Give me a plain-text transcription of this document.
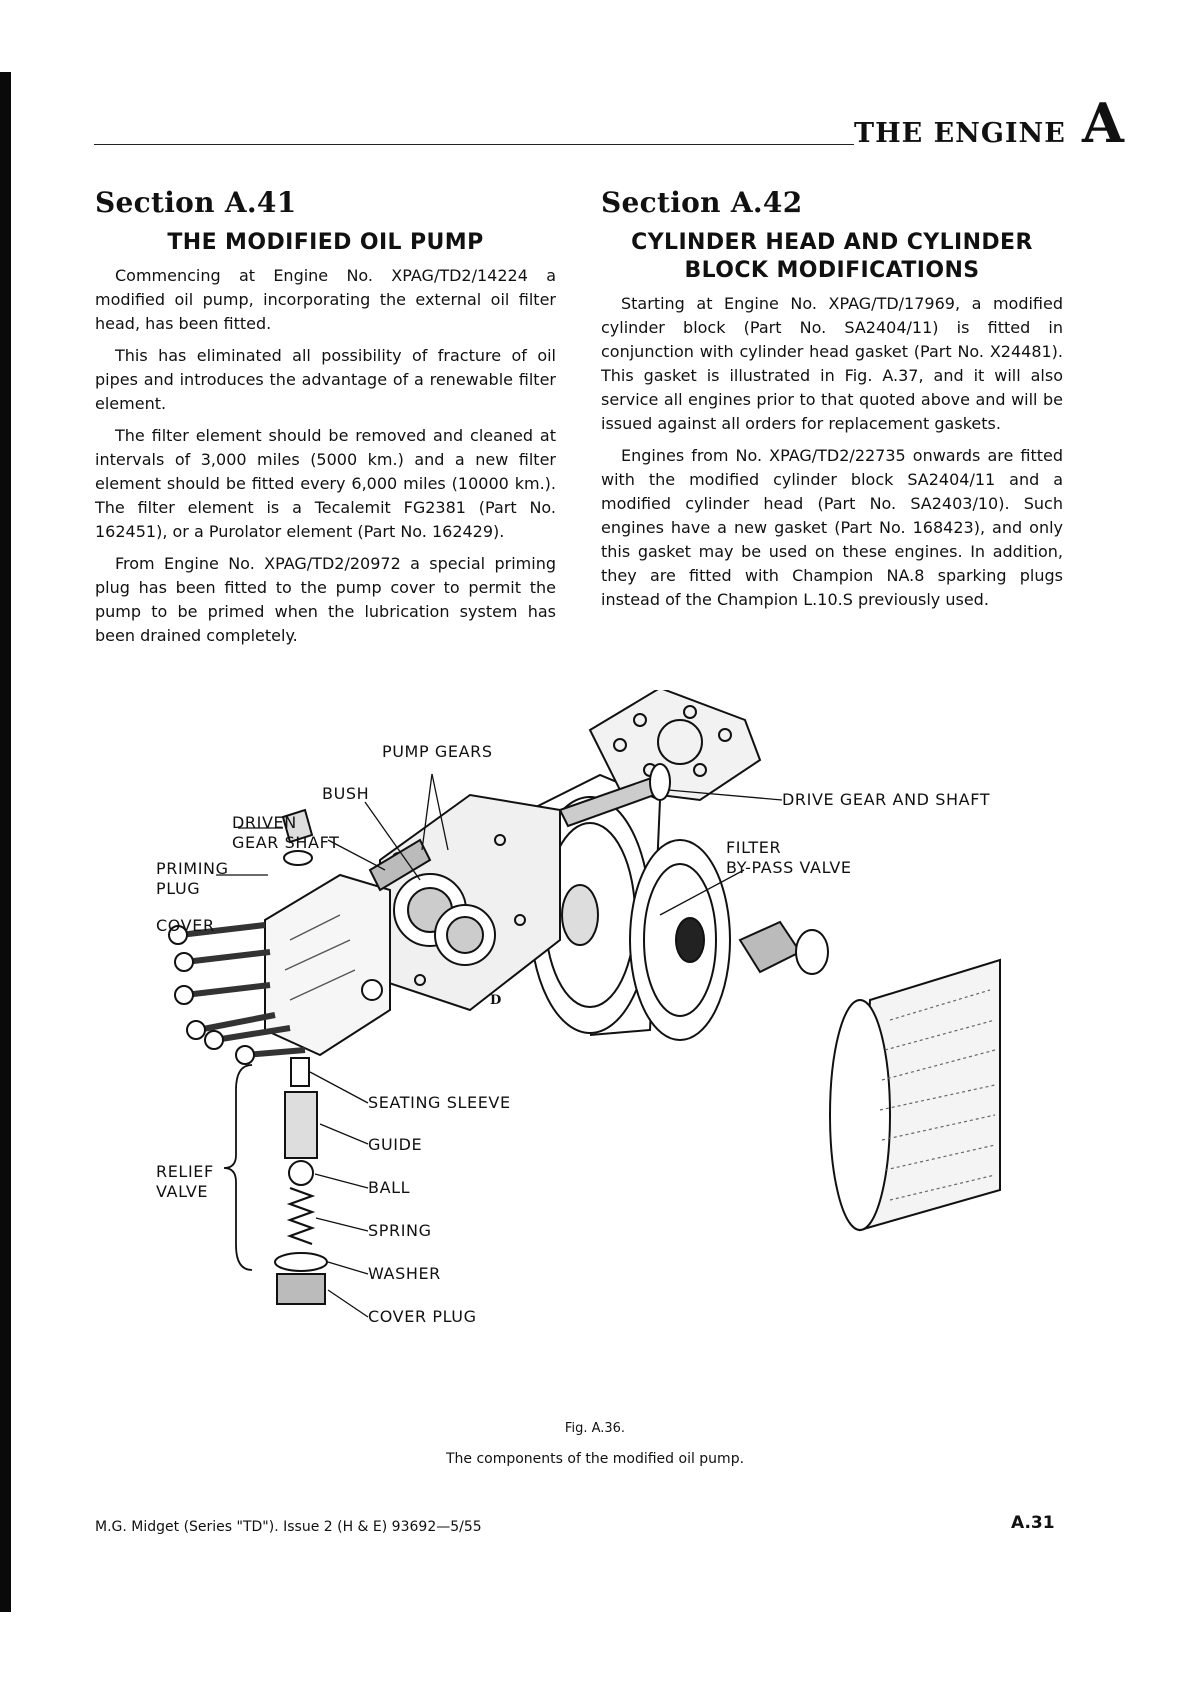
THE ENGINE A
Section A.41
THE MODIFIED OIL PUMP

Commencing at Engine No. XPAG/TD2/14224 a modified oil pump, incorporating the external oil filter head, has been fitted.

This has eliminated all possibility of fracture of oil pipes and introduces the advantage of a renewable filter element.

The filter element should be removed and cleaned at intervals of 3,000 miles (5000 km.) and a new filter element should be fitted every 6,000 miles (10000 km.). The filter element is a Tecalemit FG2381 (Part No. 162451), or a Purolator element (Part No. 162429).

From Engine No. XPAG/TD2/20972 a special priming plug has been fitted to the pump cover to permit the pump to be primed when the lubrication system has been drained completely.

Section A.42
CYLINDER HEAD AND CYLINDER
BLOCK MODIFICATIONS

Starting at Engine No. XPAG/TD/17969, a modified cylinder block (Part No. SA2404/11) is fitted in conjunction with cylinder head gasket (Part No. X24481). This gasket is illustrated in Fig. A.37, and it will also service all engines prior to that quoted above and will be issued against all orders for replacement gaskets.

Engines from No. XPAG/TD2/22735 onwards are fitted with the modified cylinder block SA2404/11 and a modified cylinder head (Part No. SA2403/10). Such engines have a new gasket (Part No. 168423), and only this gasket may be used on these engines. In addition, they are fitted with Champion NA.8 sparking plugs instead of the Champion L.10.S previously used.

PUMP GEARS
BUSH
DRIVEN
GEAR SHAFT
PRIMING
PLUG
COVER
DRIVE GEAR AND SHAFT
FILTER
BY-PASS VALVE
D
SEATING SLEEVE
GUIDE
RELIEF
VALVE	BALL
SPRING
WASHER
COVER PLUG
Fig. A.36.
The components of the modified oil pump.
M.G. Midget (Series "TD"). Issue 2 (H & E) 93692—5/55	A.31
